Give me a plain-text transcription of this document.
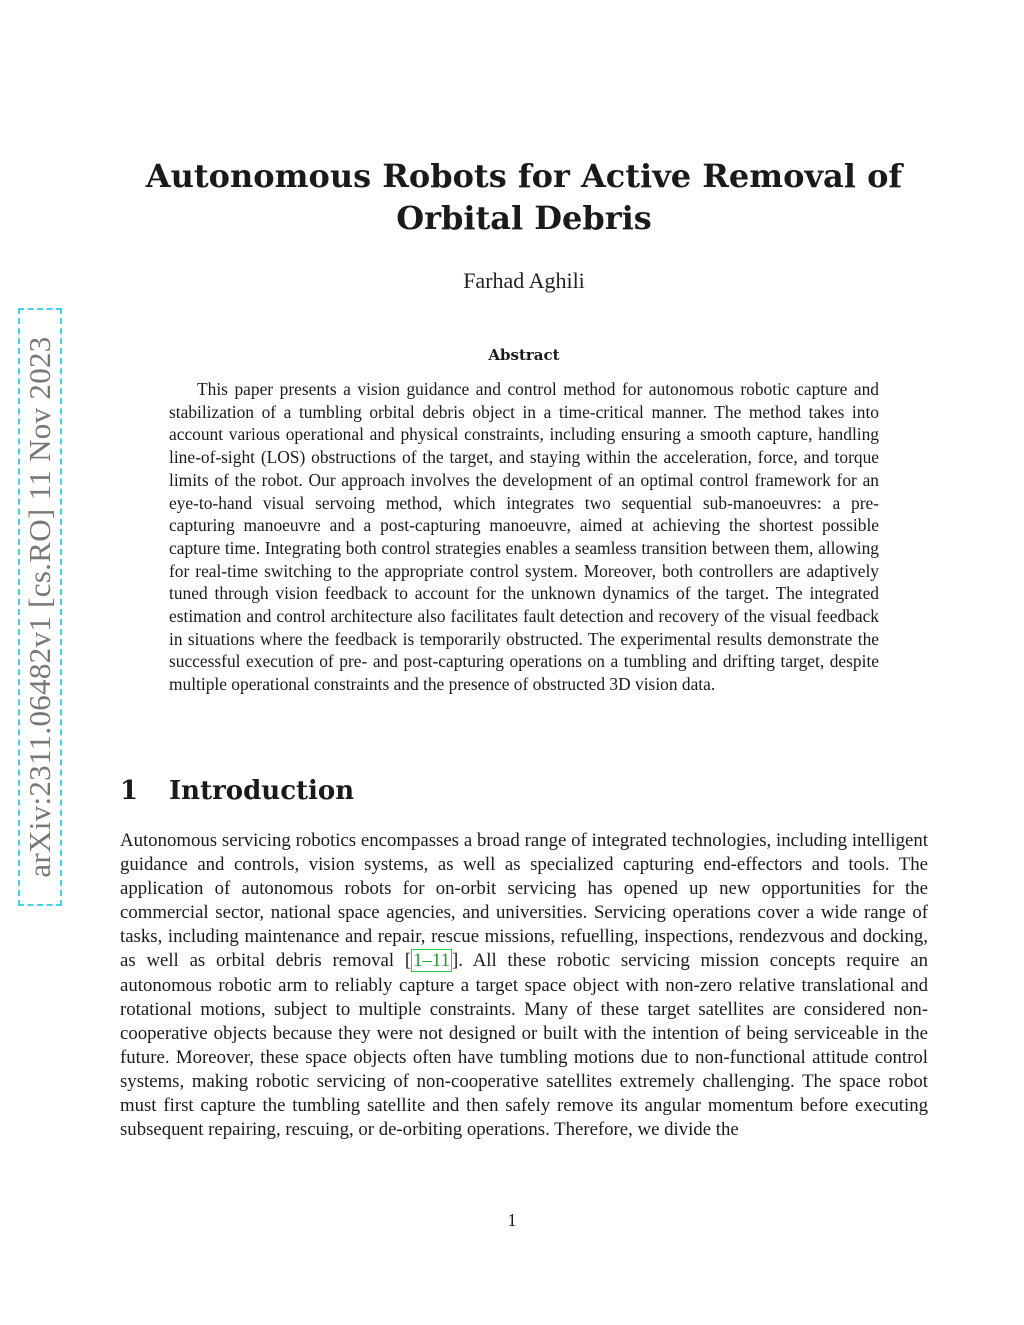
arXiv:2311.06482v1 [cs.RO] 11 Nov 2023
Autonomous Robots for Active Removal of Orbital Debris
Farhad Aghili
Abstract

This paper presents a vision guidance and control method for autonomous robotic capture and stabilization of a tumbling orbital debris object in a time-critical manner. The method takes into account various operational and physical constraints, including ensuring a smooth capture, handling line-of-sight (LOS) obstructions of the target, and staying within the acceleration, force, and torque limits of the robot. Our approach involves the development of an optimal control framework for an eye-to-hand visual servoing method, which integrates two sequential sub-manoeuvres: a pre-capturing manoeuvre and a post-capturing manoeuvre, aimed at achieving the shortest possible capture time. Integrating both control strategies enables a seamless transition between them, allowing for real-time switching to the appropriate control system. Moreover, both controllers are adaptively tuned through vision feedback to account for the unknown dynamics of the target. The integrated estimation and control architecture also facilitates fault detection and recovery of the visual feedback in situations where the feedback is temporarily obstructed. The experimental results demonstrate the successful execution of pre- and post-capturing operations on a tumbling and drifting target, despite multiple operational constraints and the presence of obstructed 3D vision data.

1 Introduction

Autonomous servicing robotics encompasses a broad range of integrated technologies, including intelligent guidance and controls, vision systems, as well as specialized capturing end-effectors and tools. The application of autonomous robots for on-orbit servicing has opened up new opportunities for the commercial sector, national space agencies, and universities. Servicing operations cover a wide range of tasks, including maintenance and repair, rescue missions, refuelling, inspections, rendezvous and docking, as well as orbital debris removal [ 1–11 ]. All these robotic servicing mission concepts require an autonomous robotic arm to reliably capture a target space object with non-zero relative translational and rotational motions, subject to multiple constraints. Many of these target satellites are considered non-cooperative objects because they were not designed or built with the intention of being serviceable in the future. Moreover, these space objects often have tumbling motions due to non-functional attitude control systems, making robotic servicing of non-cooperative satellites extremely challenging. The space robot must first capture the tumbling satellite and then safely remove its angular momentum before executing subsequent repairing, rescuing, or de-orbiting operations. Therefore, we divide the

1
